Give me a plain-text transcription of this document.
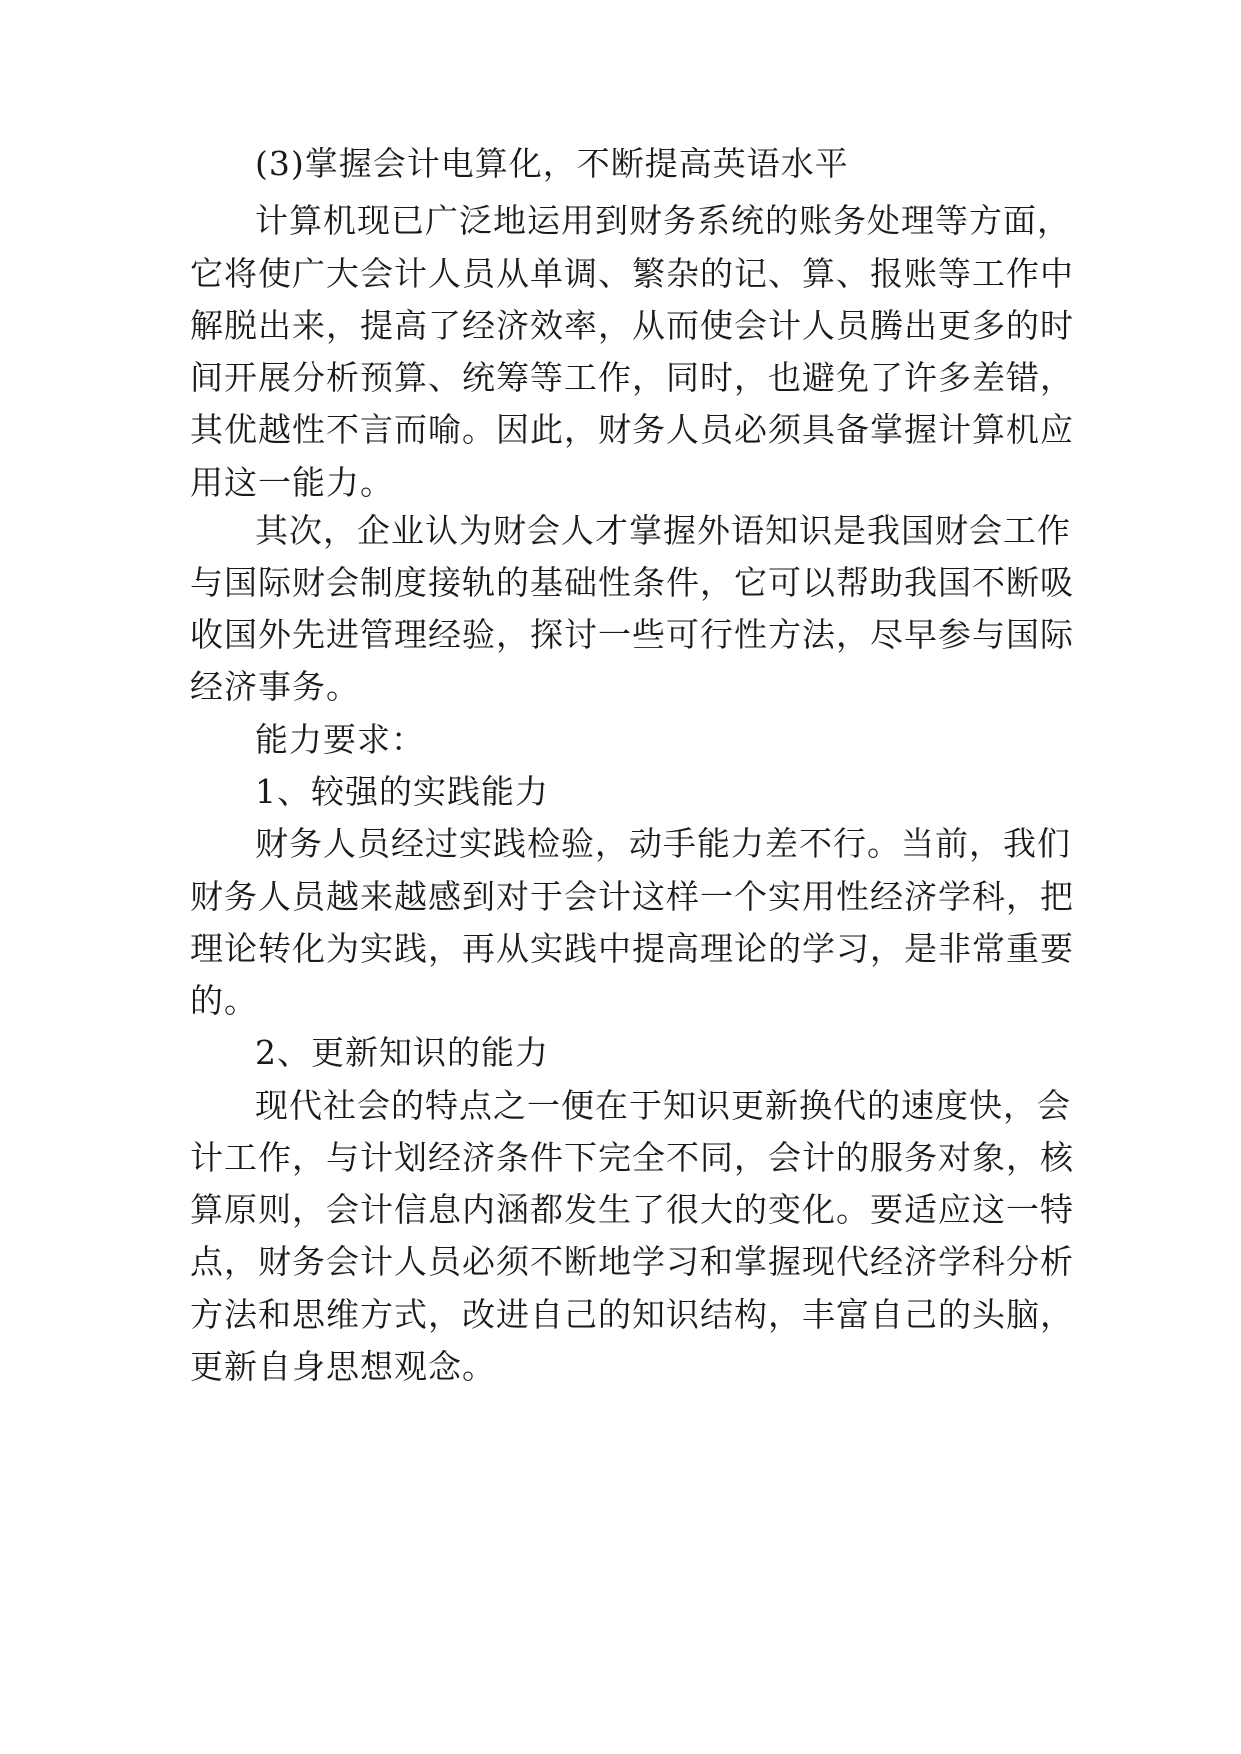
(3)掌握会计电算化，不断提高英语水平
计算机现已广泛地运用到财务系统的账务处理等方面，
它将使广大会计人员从单调、繁杂的记、算、报账等工作中
解脱出来，提高了经济效率，从而使会计人员腾出更多的时
间开展分析预算、统筹等工作，同时，也避免了许多差错，
其优越性不言而喻。因此，财务人员必须具备掌握计算机应
用这一能力。
其次，企业认为财会人才掌握外语知识是我国财会工作
与国际财会制度接轨的基础性条件，它可以帮助我国不断吸
收国外先进管理经验，探讨一些可行性方法，尽早参与国际
经济事务。
能力要求：
1、较强的实践能力
财务人员经过实践检验，动手能力差不行。当前，我们
财务人员越来越感到对于会计这样一个实用性经济学科，把
理论转化为实践，再从实践中提高理论的学习，是非常重要
的。
2、更新知识的能力
现代社会的特点之一便在于知识更新换代的速度快，会
计工作，与计划经济条件下完全不同，会计的服务对象，核
算原则，会计信息内涵都发生了很大的变化。要适应这一特
点，财务会计人员必须不断地学习和掌握现代经济学科分析
方法和思维方式，改进自己的知识结构，丰富自己的头脑，
更新自身思想观念。
